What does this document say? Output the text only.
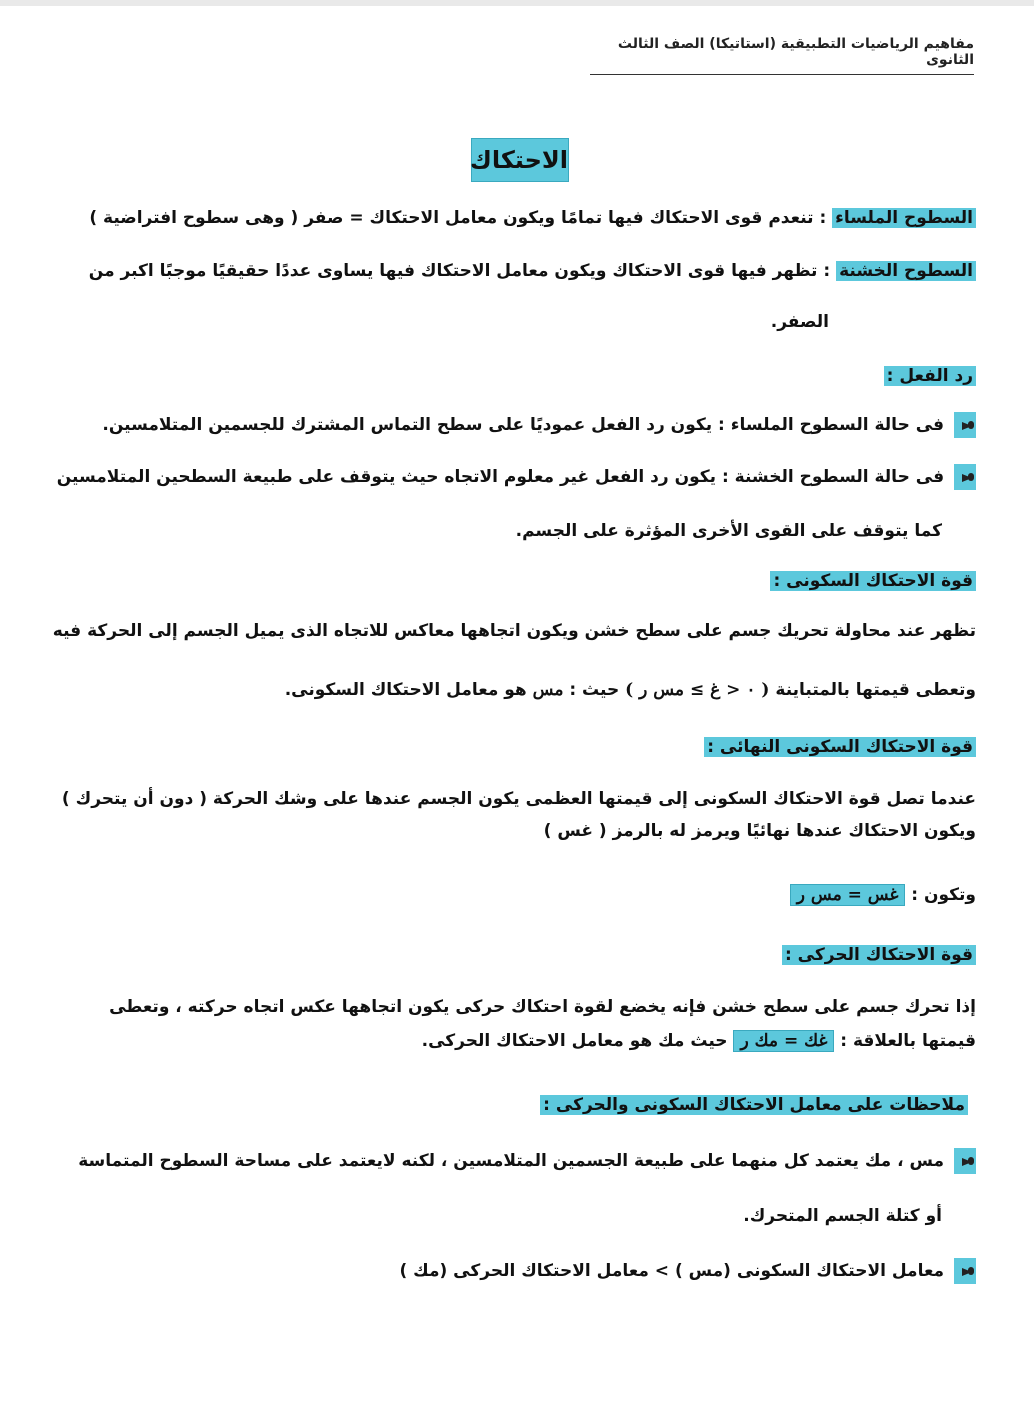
مفاهيم الرياضيات التطبيقية (استاتيكا) الصف الثالث الثانوى
الاحتكاك
السطوح الملساء : تنعدم قوى الاحتكاك فيها تمامًا ويكون معامل الاحتكاك = صفر ( وهى سطوح افتراضية )
السطوح الخشنة : تظهر فيها قوى الاحتكاك ويكون معامل الاحتكاك فيها يساوى عددًا حقيقيًا موجبًا اكبر من
الصفر.
رد الفعل :
فى حالة السطوح الملساء : يكون رد الفعل عموديًا على سطح التماس المشترك للجسمين المتلامسين.
فى حالة السطوح الخشنة : يكون رد الفعل غير معلوم الاتجاه حيث يتوقف على طبيعة السطحين المتلامسين
كما يتوقف على القوى الأخرى المؤثرة على الجسم.
قوة الاحتكاك السكونى :
تظهر عند محاولة تحريك جسم على سطح خشن ويكون اتجاهها معاكس للاتجاه الذى يميل الجسم إلى الحركة فيه
وتعطى قيمتها بالمتباينة ( ٠ < غ ≥ مس ر ) حيث : مس هو معامل الاحتكاك السكونى.
قوة الاحتكاك السكونى النهائى :
عندما تصل قوة الاحتكاك السكونى إلى قيمتها العظمى يكون الجسم عندها على وشك الحركة ( دون أن يتحرك )
ويكون الاحتكاك عندها نهائيًا ويرمز له بالرمز ( غس )
وتكون : غس = مس ر
قوة الاحتكاك الحركى :
إذا تحرك جسم على سطح خشن فإنه يخضع لقوة احتكاك حركى يكون اتجاهها عكس اتجاه حركته ، وتعطى
قيمتها بالعلاقة : غك = مك ر حيث مك هو معامل الاحتكاك الحركى.
ملاحظات على معامل الاحتكاك السكونى والحركى :
مس ، مك يعتمد كل منهما على طبيعة الجسمين المتلامسين ، لكنه لايعتمد على مساحة السطوح المتماسة
أو كتلة الجسم المتحرك.
معامل الاحتكاك السكونى (مس ) > معامل الاحتكاك الحركى (مك )
